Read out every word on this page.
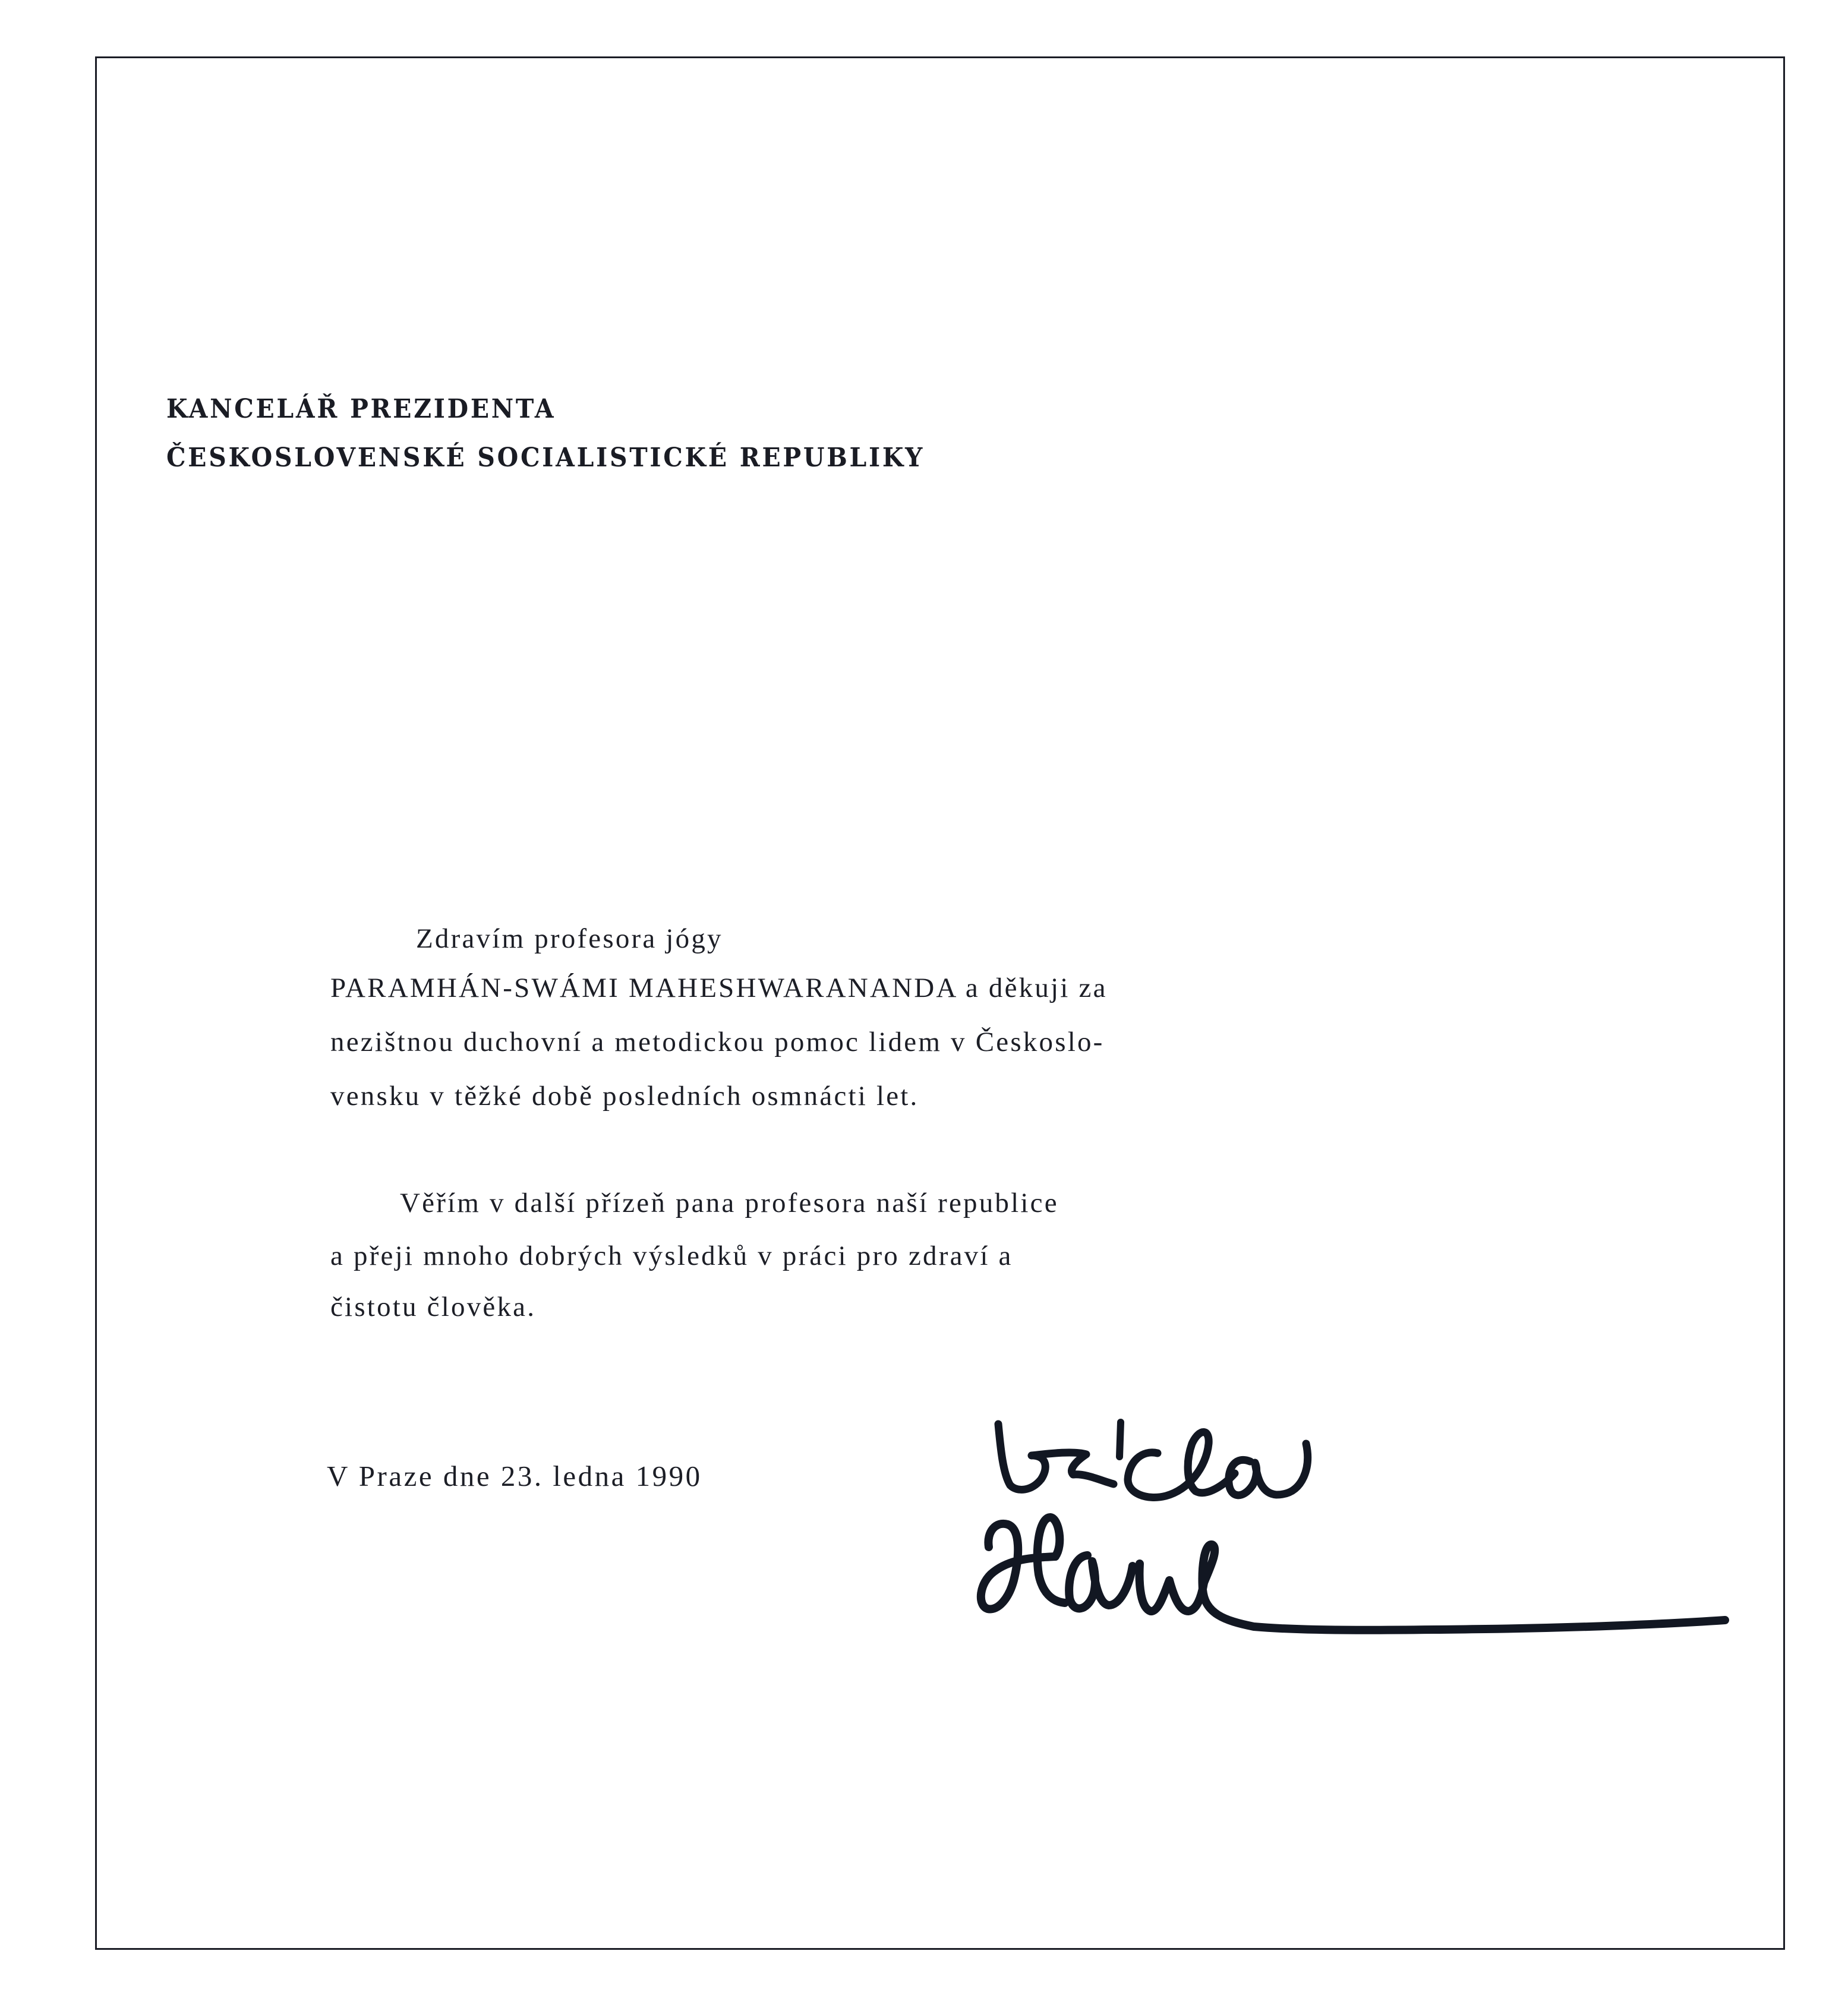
KANCELÁŘ PREZIDENTA
ČESKOSLOVENSKÉ SOCIALISTICKÉ REPUBLIKY
Zdravím profesora jógy
PARAMHÁN-SWÁMI MAHESHWARANANDA a děkuji za
nezištnou duchovní a metodickou pomoc lidem v Českoslo-
vensku v těžké době posledních osmnácti let.
Věřím v další přízeň pana profesora naší republice
a přeji mnoho dobrých výsledků v práci pro zdraví a
čistotu člověka.
V Praze dne 23. ledna 1990
